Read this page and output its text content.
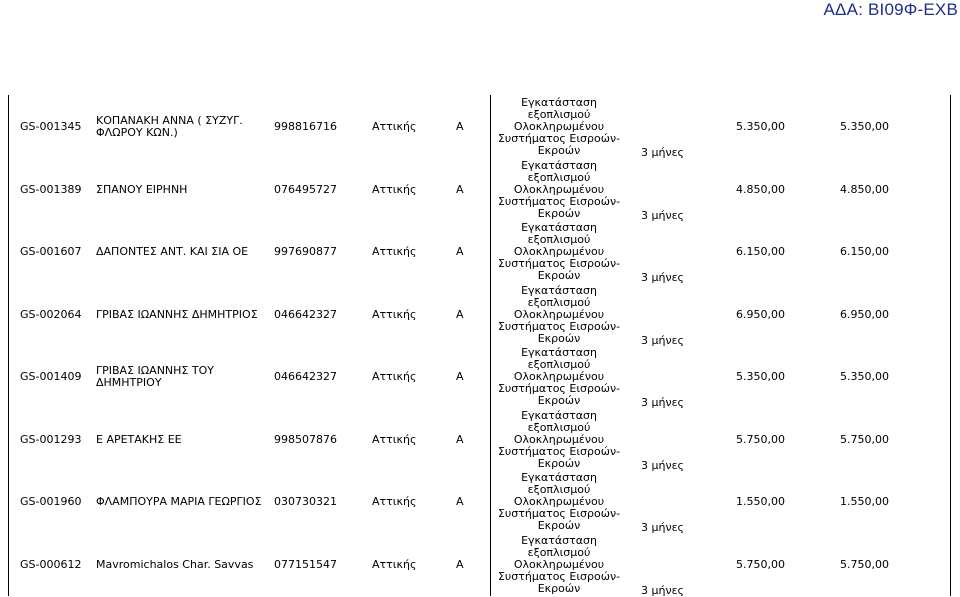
ΑΔΑ: ΒΙ09Φ-ΕΧΒ
GS-001345 ΚΟΠΑΝΑΚΗ ΑΝΝΑ ( ΣΥΖΥΓ.
ΦΛΩΡΟΥ ΚΩΝ.)	998816716	Αττικής	Α
Εγκατάσταση
εξοπλισμού
Ολοκληρωμένου
Συστήματος Εισροών-
Εκροών	3 μήνες
5.350,00	5.350,00
GS-001389 ΣΠΑΝΟΥ ΕΙΡΗΝΗ	076495727	Αττικής	Α
Εγκατάσταση
εξοπλισμού
Ολοκληρωμένου
Συστήματος Εισροών-
Εκροών	3 μήνες
4.850,00	4.850,00
GS-001607 ΔΑΠΟΝΤΕΣ ΑΝΤ. ΚΑΙ ΣΙΑ ΟΕ 997690877	Αττικής	Α
Εγκατάσταση
εξοπλισμού
Ολοκληρωμένου
Συστήματος Εισροών-
Εκροών	3 μήνες
6.150,00	6.150,00
GS-002064 ΓΡΙΒΑΣ ΙΩΑΝΝΗΣ ΔΗΜΗΤΡΙΟΣ 046642327	Αττικής	Α
Εγκατάσταση
εξοπλισμού
Ολοκληρωμένου
Συστήματος Εισροών-
Εκροών	3 μήνες
6.950,00	6.950,00
GS-001409 ΓΡΙΒΑΣ ΙΩΑΝΝΗΣ ΤΟΥ
ΔΗΜΗΤΡΙΟΥ	046642327	Αττικής	Α
Εγκατάσταση
εξοπλισμού
Ολοκληρωμένου
Συστήματος Εισροών-
Εκροών	3 μήνες
5.350,00	5.350,00
GS-001293 Ε ΑΡΕΤΑΚΗΣ ΕΕ	998507876	Αττικής	Α
Εγκατάσταση
εξοπλισμού
Ολοκληρωμένου
Συστήματος Εισροών-
Εκροών	3 μήνες
5.750,00	5.750,00
GS-001960 ΦΛΑΜΠΟΥΡΑ ΜΑΡΙΑ ΓΕΩΡΓΙΟΣ 030730321	Αττικής	Α
Εγκατάσταση
εξοπλισμού
Ολοκληρωμένου
Συστήματος Εισροών-
Εκροών	3 μήνες
1.550,00	1.550,00
GS-000612 Mavromichalos Char. Savvas 077151547	Αττικής	Α
Εγκατάσταση
εξοπλισμού
Ολοκληρωμένου
Συστήματος Εισροών-
Εκροών	3 μήνες
5.750,00	5.750,00
